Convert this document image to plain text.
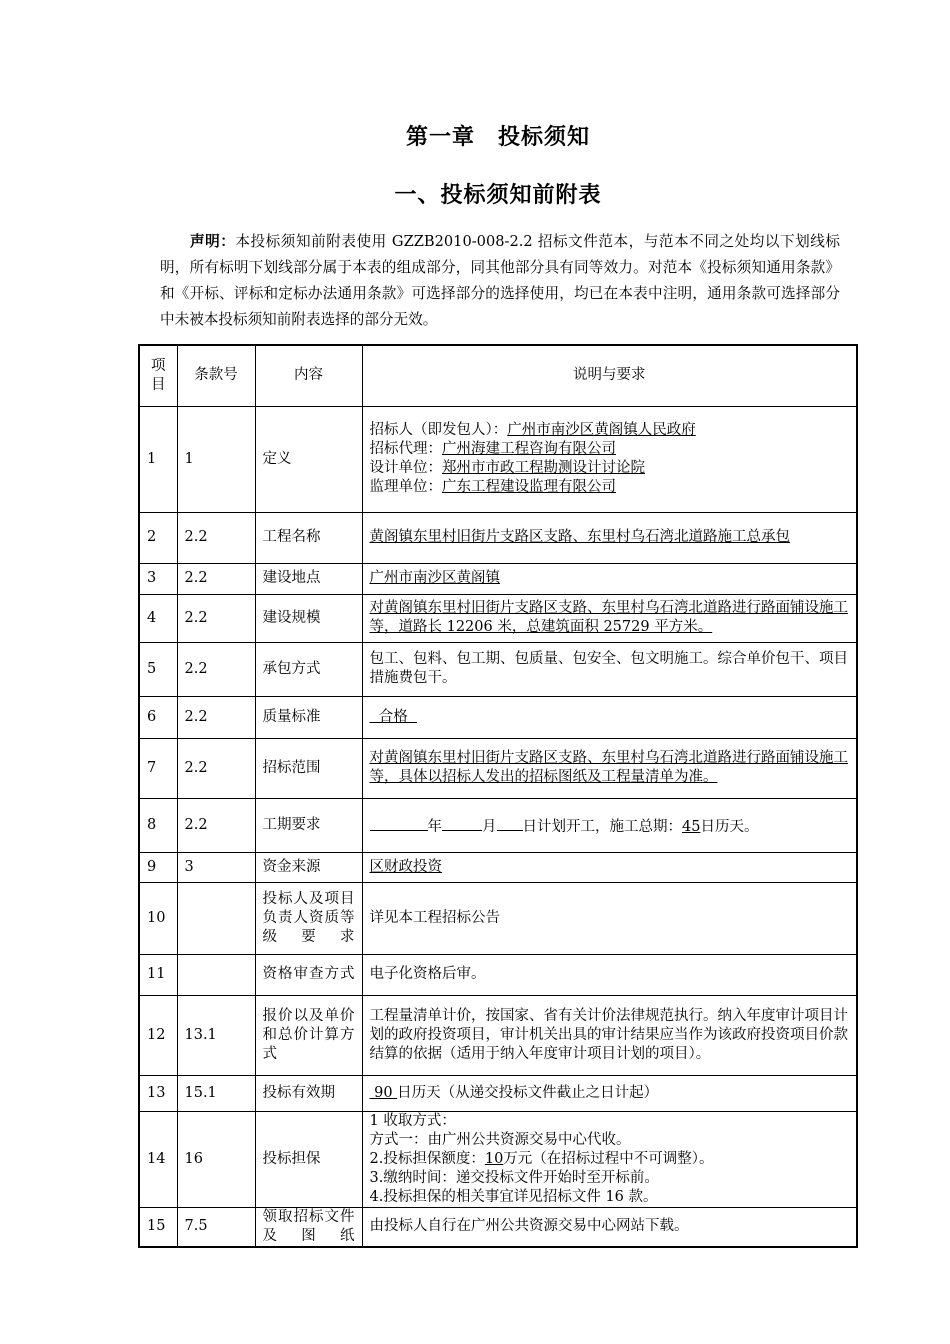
第一章　投标须知
一、投标须知前附表

声明：本投标须知前附表使用 GZZB2010-008-2.2 招标文件范本，与范本不同之处均以下划线标明，所有标明下划线部分属于本表的组成部分，同其他部分具有同等效力。对范本《投标须知通用条款》和《开标、评标和定标办法通用条款》可选择部分的选择使用，均已在本表中注明，通用条款可选择部分中未被本投标须知前附表选择的部分无效。

项目	条款号	内容	说明与要求
1	1	定义	招标人（即发包人）：广州市南沙区黄阁镇人民政府
招标代理：广州海建工程咨询有限公司
设计单位：郑州市市政工程勘测设计讨论院
监理单位：广东工程建设监理有限公司

2	2.2	工程名称	黄阁镇东里村旧街片支路区支路、东里村乌石湾北道路施工总承包
3	2.2	建设地点	广州市南沙区黄阁镇
4	2.2	建设规模	对黄阁镇东里村旧街片支路区支路、东里村乌石湾北道路进行路面铺设施工等，道路长 12206 米，总建筑面积 25729 平方米。
5	2.2	承包方式	包工、包料、包工期、包质量、包安全、包文明施工。综合单价包干、项目措施费包干。
6	2.2	质量标准	合格
7	2.2	招标范围	对黄阁镇东里村旧街片支路区支路、东里村乌石湾北道路进行路面铺设施工等，具体以招标人发出的招标图纸及工程量清单为准。
8	2.2	工期要求	年 月 日计划开工，施工总期：45日历天。
9	3	资金来源	区财政投资
10		投标人及项目负责人资质等级要求	详见本工程招标公告
11		资格审查方式	电子化资格后审。
12	13.1	报价以及单价和总价计算方式	工程量清单计价，按国家、省有关计价法律规范执行。纳入年度审计项目计划的政府投资项目，审计机关出具的审计结果应当作为该政府投资项目价款结算的依据（适用于纳入年度审计项目计划的项目）。
13	15.1	投标有效期	90 日历天（从递交投标文件截止之日计起）
14	16	投标担保	1 收取方式：
方式一：由广州公共资源交易中心代收。
2.投标担保额度：10万元（在招标过程中不可调整）。
3.缴纳时间：递交投标文件开始时至开标前。
4.投标担保的相关事宜详见招标文件 16 款。

15	7.5	领取招标文件及图纸	由投标人自行在广州公共资源交易中心网站下载。
